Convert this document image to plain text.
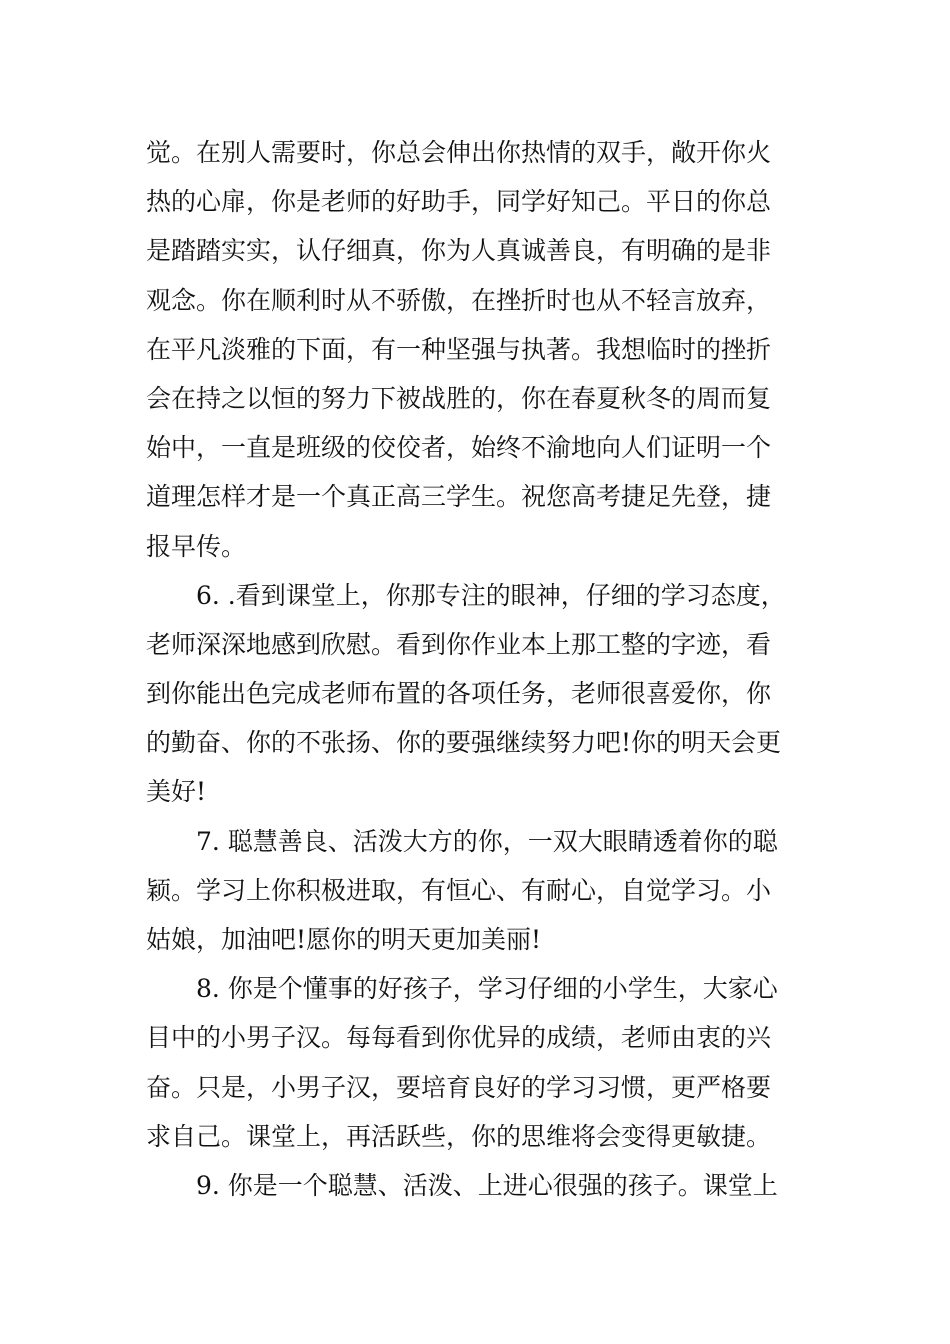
觉。在别人需要时，你总会伸出你热情的双手，敞开你火
热的心扉，你是老师的好助手，同学好知己。平日的你总
是踏踏实实，认仔细真，你为人真诚善良，有明确的是非
观念。你在顺利时从不骄傲，在挫折时也从不轻言放弃，
在平凡淡雅的下面，有一种坚强与执著。我想临时的挫折
会在持之以恒的努力下被战胜的，你在春夏秋冬的周而复
始中，一直是班级的佼佼者，始终不渝地向人们证明一个
道理怎样才是一个真正高三学生。祝您高考捷足先登，捷
报早传。
6. .看到课堂上，你那专注的眼神，仔细的学习态度，
老师深深地感到欣慰。看到你作业本上那工整的字迹，看
到你能出色完成老师布置的各项任务，老师很喜爱你，你
的勤奋、你的不张扬、你的要强继续努力吧!你的明天会更
美好!
7. 聪慧善良、活泼大方的你，一双大眼睛透着你的聪
颖。学习上你积极进取，有恒心、有耐心，自觉学习。小
姑娘，加油吧!愿你的明天更加美丽!
8. 你是个懂事的好孩子，学习仔细的小学生，大家心
目中的小男子汉。每每看到你优异的成绩，老师由衷的兴
奋。只是，小男子汉，要培育良好的学习习惯，更严格要
求自己。课堂上，再活跃些，你的思维将会变得更敏捷。
9. 你是一个聪慧、活泼、上进心很强的孩子。课堂上
